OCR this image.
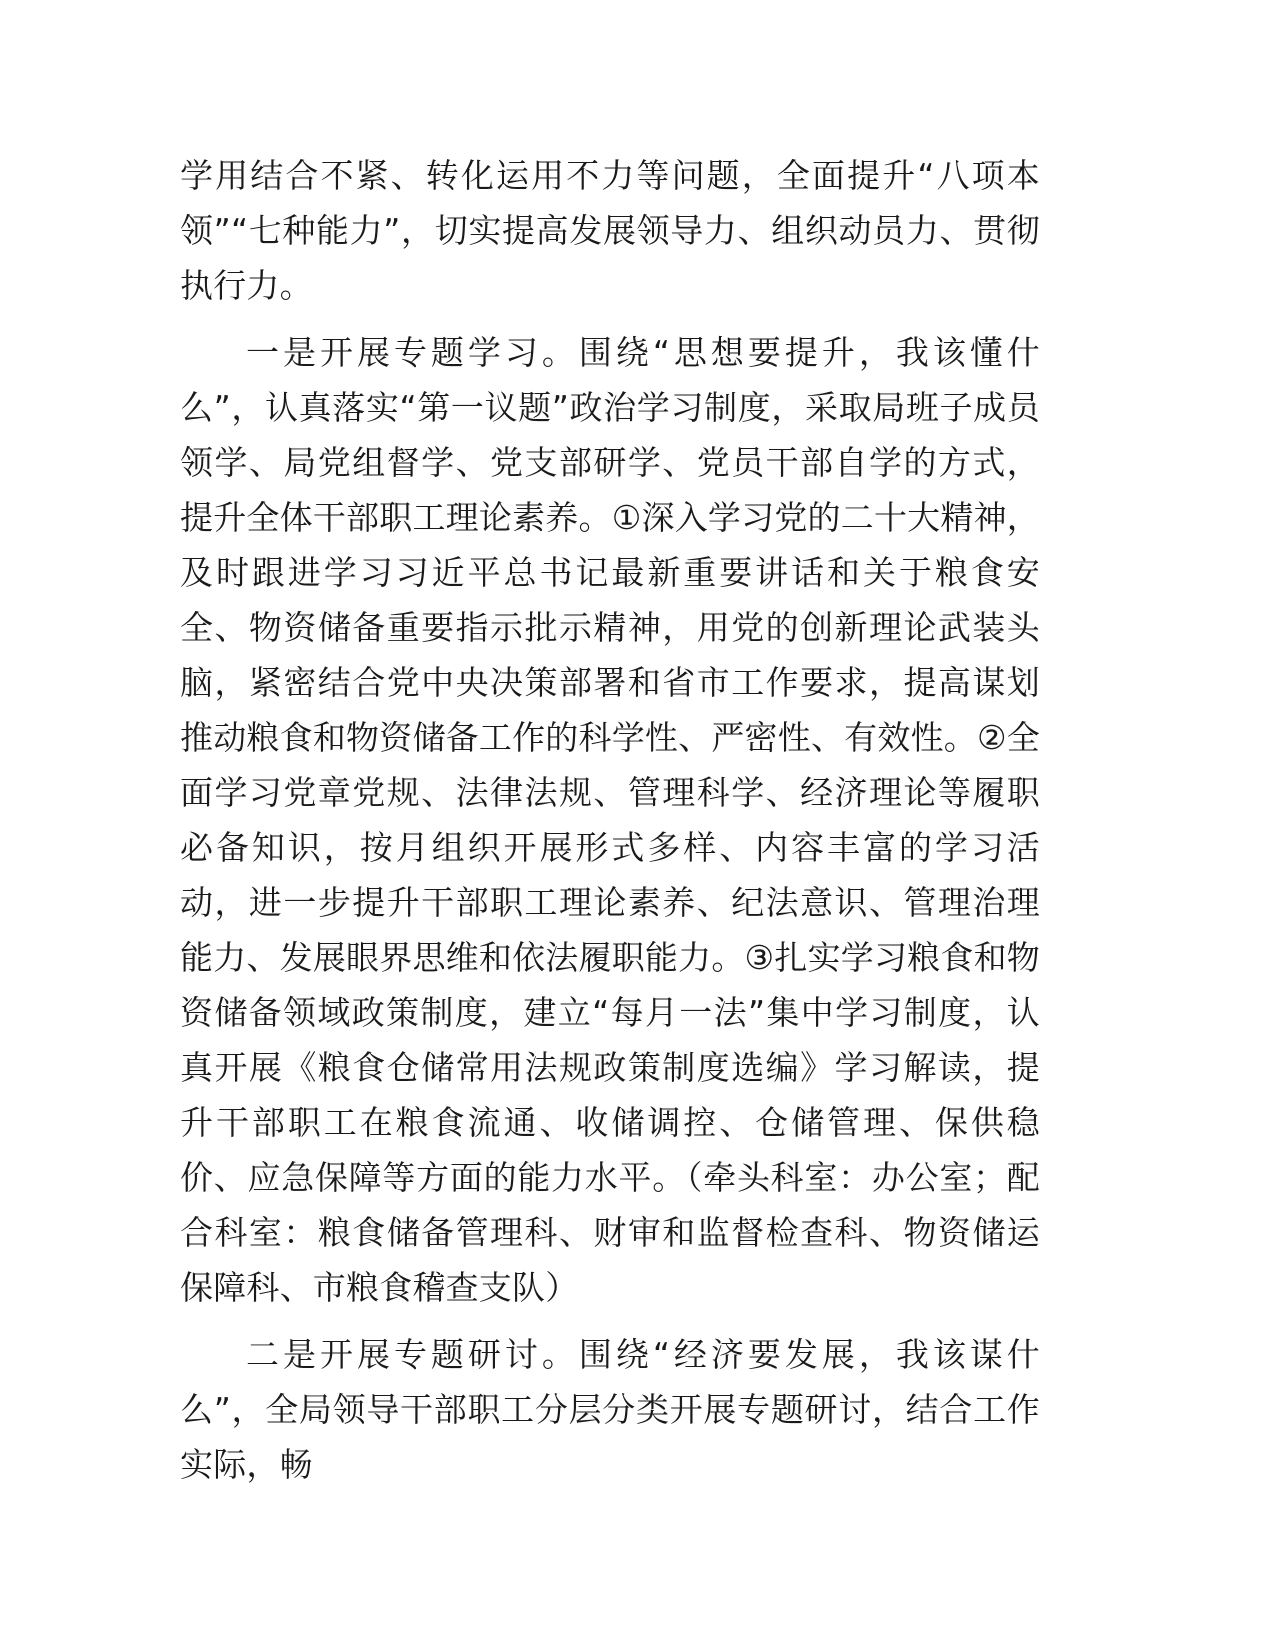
学用结合不紧、转化运用不力等问题，全面提升“八项本领”“七种能力”，切实提高发展领导力、组织动员力、贯彻执行力。

一是开展专题学习。围绕“思想要提升，我该懂什么”，认真落实“第一议题”政治学习制度，采取局班子成员领学、局党组督学、党支部研学、党员干部自学的方式，提升全体干部职工理论素养。①深入学习党的二十大精神，及时跟进学习习近平总书记最新重要讲话和关于粮食安全、物资储备重要指示批示精神，用党的创新理论武装头脑，紧密结合党中央决策部署和省市工作要求，提高谋划推动粮食和物资储备工作的科学性、严密性、有效性。②全面学习党章党规、法律法规、管理科学、经济理论等履职必备知识，按月组织开展形式多样、内容丰富的学习活动，进一步提升干部职工理论素养、纪法意识、管理治理能力、发展眼界思维和依法履职能力。③扎实学习粮食和物资储备领域政策制度，建立“每月一法”集中学习制度，认真开展《粮食仓储常用法规政策制度选编》学习解读，提升干部职工在粮食流通、收储调控、仓储管理、保供稳价、应急保障等方面的能力水平。（牵头科室：办公室；配合科室：粮食储备管理科、财审和监督检查科、物资储运保障科、市粮食稽查支队）

二是开展专题研讨。围绕“经济要发展，我该谋什么”，全局领导干部职工分层分类开展专题研讨，结合工作实际，畅
